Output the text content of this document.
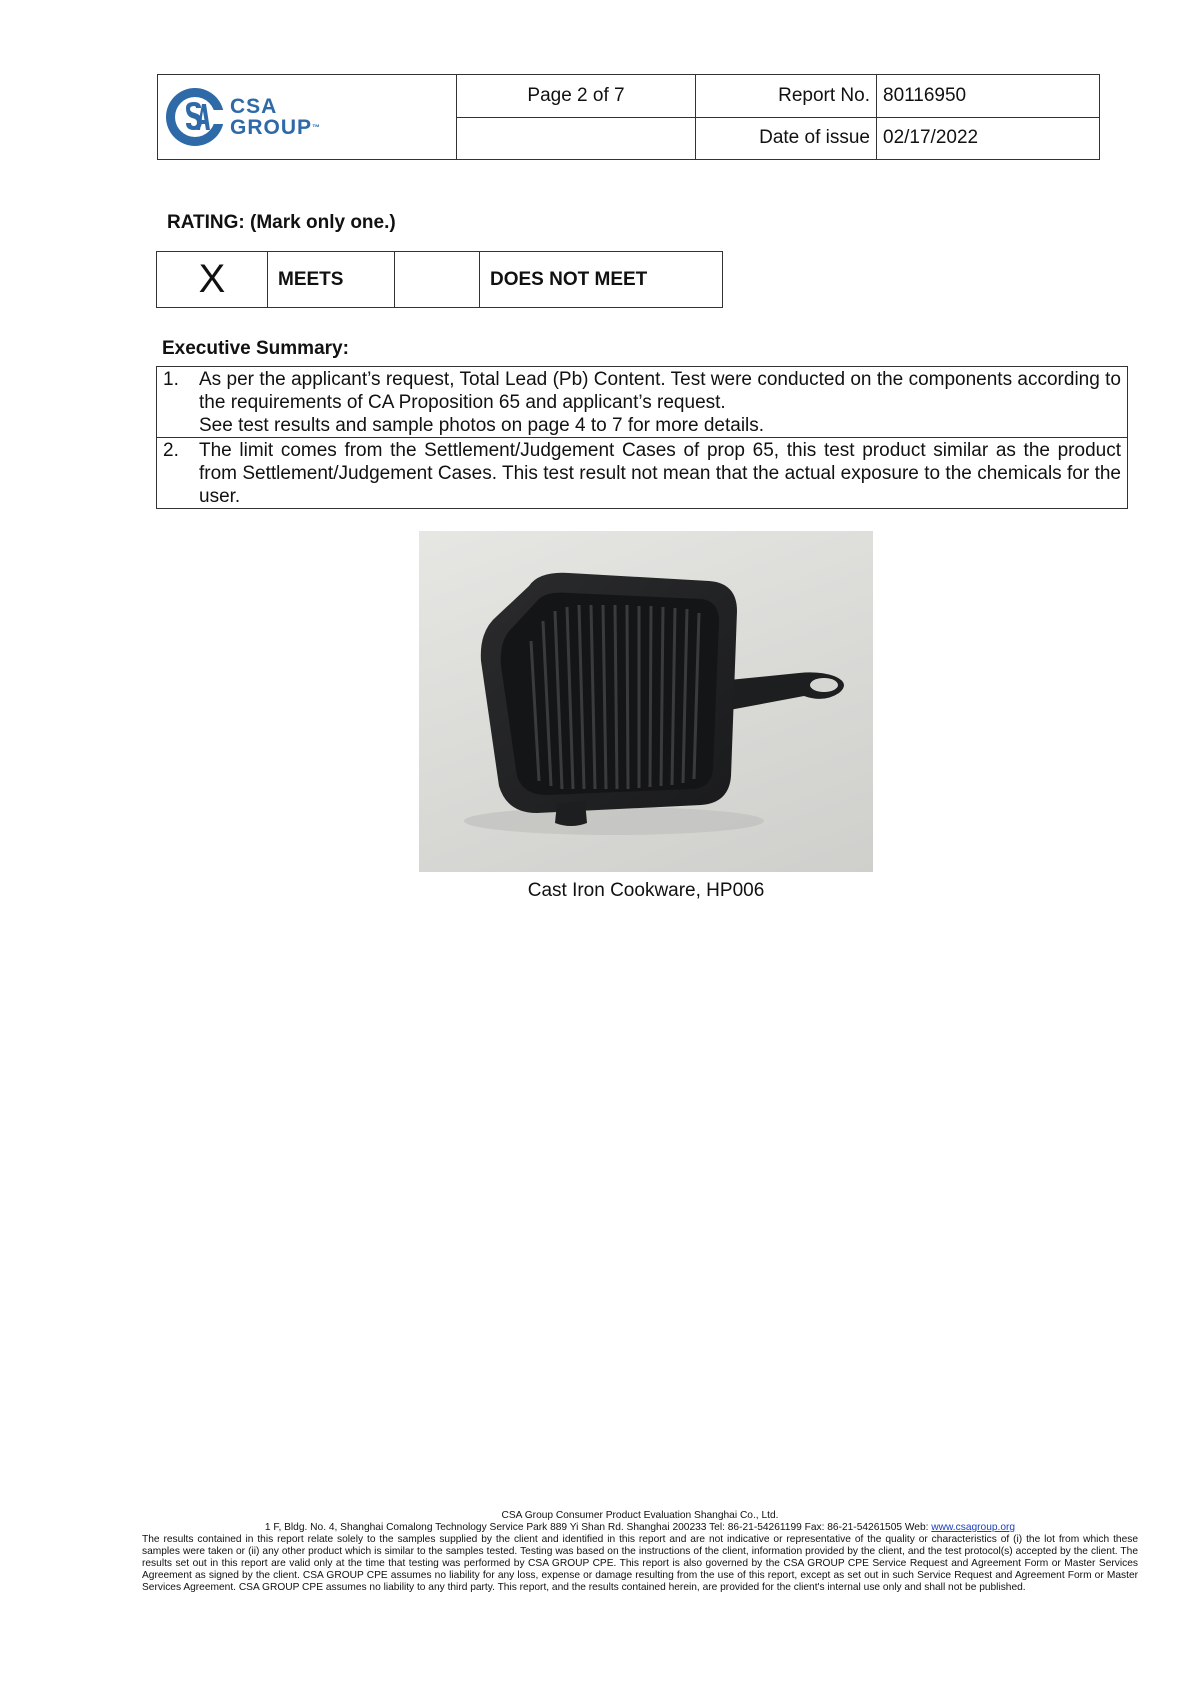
CSA
GROUP™	Page 2 of 7	Report No.	80116950
		Date of issue	02/17/2022
RATING: (Mark only one.)
X	MEETS		DOES NOT MEET
Executive Summary:
1.	As per the applicant’s request, Total Lead (Pb) Content. Test were conducted on the components according to the requirements of CA Proposition 65 and applicant’s request.

See test results and sample photos on page 4 to 7 for more details.

2.	The limit comes from the Settlement/Judgement Cases of prop 65, this test product similar as the product from Settlement/Judgement Cases. This test result not mean that the actual exposure to the chemicals for the user.

Cast Iron Cookware, HP006
CSA Group Consumer Product Evaluation Shanghai Co., Ltd.
1 F, Bldg. No. 4, Shanghai Comalong Technology Service Park 889 Yi Shan Rd. Shanghai 200233 Tel: 86-21-54261199 Fax: 86-21-54261505 Web: www.csagroup.org
The results contained in this report relate solely to the samples supplied by the client and identified in this report and are not indicative or representative of the quality or characteristics of (i) the lot from which these samples were taken or (ii) any other product which is similar to the samples tested. Testing was based on the instructions of the client, information provided by the client, and the test protocol(s) accepted by the client. The results set out in this report are valid only at the time that testing was performed by CSA GROUP CPE. This report is also governed by the CSA GROUP CPE Service Request and Agreement Form or Master Services Agreement as signed by the client. CSA GROUP CPE assumes no liability for any loss, expense or damage resulting from the use of this report, except as set out in such Service Request and Agreement Form or Master Services Agreement. CSA GROUP CPE assumes no liability to any third party. This report, and the results contained herein, are provided for the client's internal use only and shall not be published.
